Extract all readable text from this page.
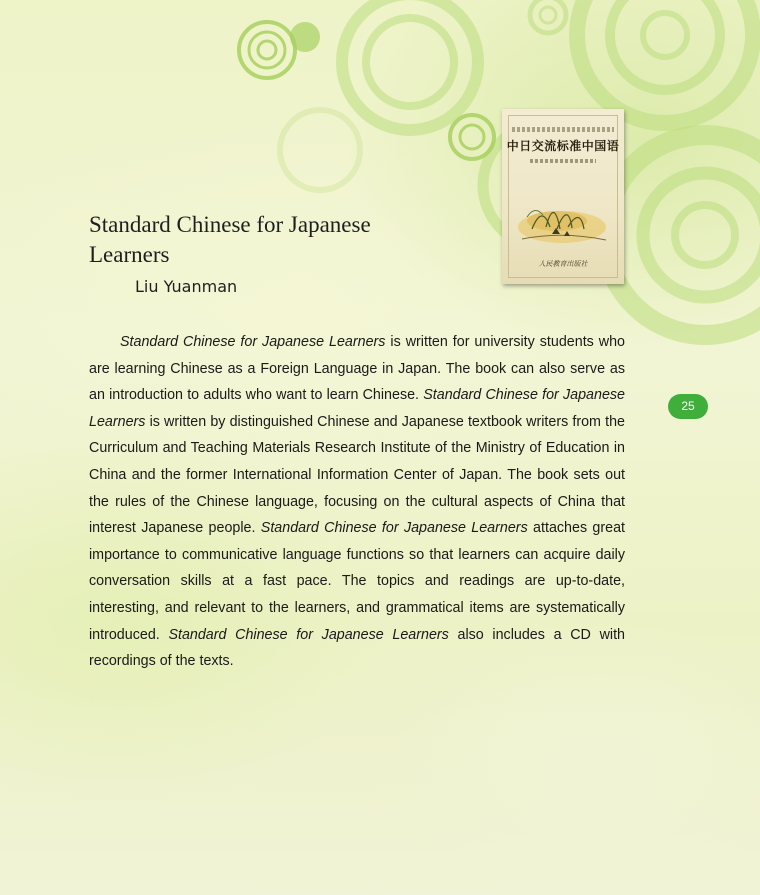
Standard Chinese for Japanese Learners

Liu Yuanman

中日交流标准中国语
人民教育出版社

Standard Chinese for Japanese Learners is written for university students who are learning Chinese as a Foreign Language in Japan. The book can also serve as an introduction to adults who want to learn Chinese. Standard Chinese for Japanese Learners is written by distinguished Chinese and Japanese textbook writers from the Curriculum and Teaching Materials Research Institute of the Ministry of Education in China and the former International Information Center of Japan. The book sets out the rules of the Chinese language, focusing on the cultural aspects of China that interest Japanese people. Standard Chinese for Japanese Learners attaches great importance to communicative language functions so that learners can acquire daily conversation skills at a fast pace. The topics and readings are up-to-date, interesting, and relevant to the learners, and grammatical items are systematically introduced. Standard Chinese for Japanese Learners also includes a CD with recordings of the texts.

25
